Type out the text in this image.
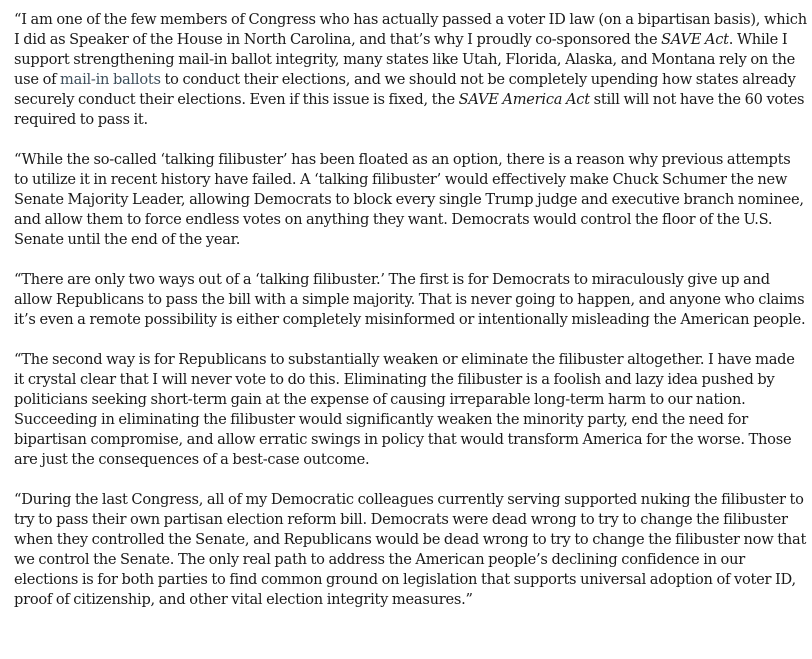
“I am one of the few members of Congress who has actually passed a voter ID law (on a bipartisan basis), which I did as Speaker of the House in North Carolina, and that’s why I proudly co-sponsored the SAVE Act. While I support strengthening mail-in ballot integrity, many states like Utah, Florida, Alaska, and Montana rely on the use of mail-in ballots to conduct their elections, and we should not be completely upending how states already securely conduct their elections. Even if this issue is fixed, the SAVE America Act still will not have the 60 votes required to pass it.

“While the so-called ‘talking filibuster’ has been floated as an option, there is a reason why previous attempts to utilize it in recent history have failed. A ‘talking filibuster’ would effectively make Chuck Schumer the new Senate Majority Leader, allowing Democrats to block every single Trump judge and executive branch nominee, and allow them to force endless votes on anything they want. Democrats would control the floor of the U.S. Senate until the end of the year.

“There are only two ways out of a ‘talking filibuster.’ The first is for Democrats to miraculously give up and allow Republicans to pass the bill with a simple majority. That is never going to happen, and anyone who claims it’s even a remote possibility is either completely misinformed or intentionally misleading the American people.

“The second way is for Republicans to substantially weaken or eliminate the filibuster altogether. I have made it crystal clear that I will never vote to do this. Eliminating the filibuster is a foolish and lazy idea pushed by politicians seeking short-term gain at the expense of causing irreparable long-term harm to our nation. Succeeding in eliminating the filibuster would significantly weaken the minority party, end the need for bipartisan compromise, and allow erratic swings in policy that would transform America for the worse. Those are just the consequences of a best-case outcome.

“During the last Congress, all of my Democratic colleagues currently serving supported nuking the filibuster to try to pass their own partisan election reform bill. Democrats were dead wrong to try to change the filibuster when they controlled the Senate, and Republicans would be dead wrong to try to change the filibuster now that we control the Senate. The only real path to address the American people’s declining confidence in our elections is for both parties to find common ground on legislation that supports universal adoption of voter ID, proof of citizenship, and other vital election integrity measures.”
